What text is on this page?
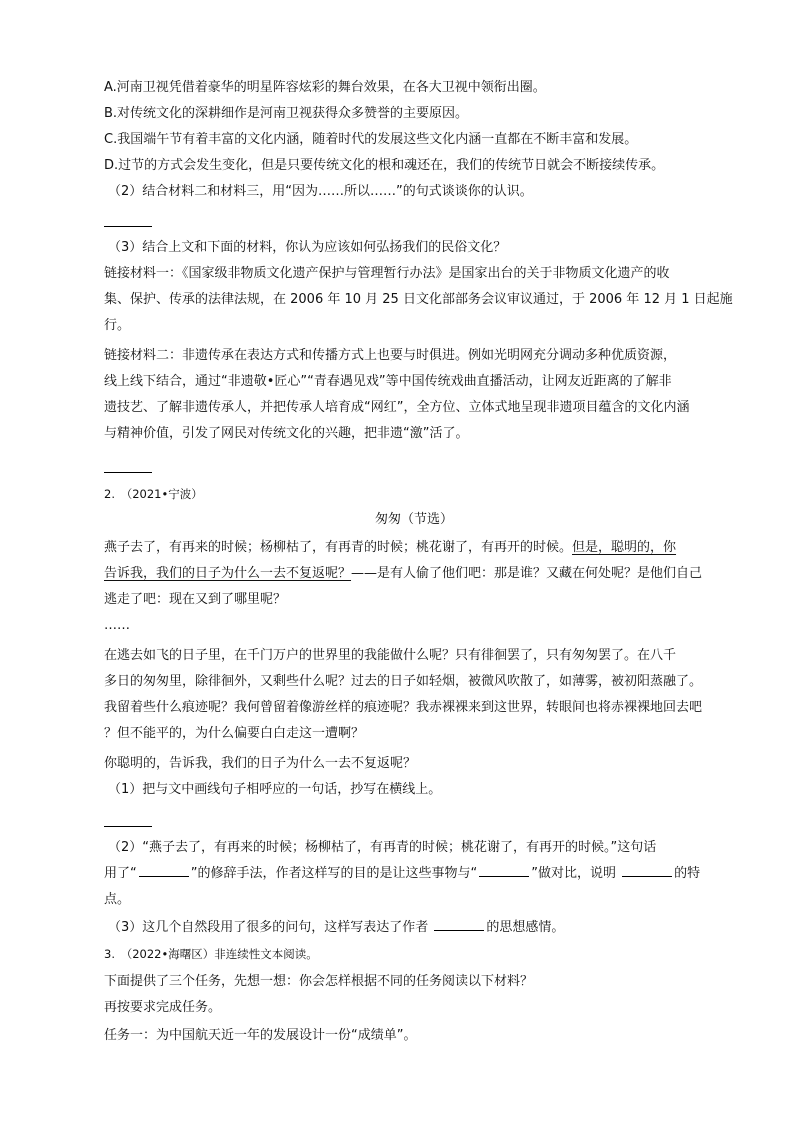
A.河南卫视凭借着豪华的明星阵容炫彩的舞台效果，在各大卫视中领衔出圈。
B.对传统文化的深耕细作是河南卫视获得众多赞誉的主要原因。
C.我国端午节有着丰富的文化内涵，随着时代的发展这些文化内涵一直都在不断丰富和发展。
D.过节的方式会发生变化，但是只要传统文化的根和魂还在，我们的传统节日就会不断接续传承。
（2）结合材料二和材料三，用“因为……所以……”的句式谈谈你的认识。
（3）结合上文和下面的材料，你认为应该如何弘扬我们的民俗文化？
链接材料一：《国家级非物质文化遗产保护与管理暂行办法》是国家出台的关于非物质文化遗产的收
集、保护、传承的法律法规，在 2006 年 10 月 25 日文化部部务会议审议通过，于 2006 年 12 月 1 日起施
行。
链接材料二：非遗传承在表达方式和传播方式上也要与时俱进。例如光明网充分调动多种优质资源，
线上线下结合，通过“非遗敬•匠心”“青春遇见戏”等中国传统戏曲直播活动，让网友近距离的了解非
遗技艺、了解非遗传承人，并把传承人培育成“网红”，全方位、立体式地呈现非遗项目蕴含的文化内涵
与精神价值，引发了网民对传统文化的兴趣，把非遗“激”活了。
2.　（2021•宁波）
匆匆（节选）
燕子去了，有再来的时候；杨柳枯了，有再青的时候；桃花谢了，有再开的时候。但是，聪明的，你
告诉我，我们的日子为什么一去不复返呢？——是有人偷了他们吧：那是谁？又藏在何处呢？是他们自己
逃走了吧：现在又到了哪里呢？
……
在逃去如飞的日子里，在千门万户的世界里的我能做什么呢？只有徘徊罢了，只有匆匆罢了。在八千
多日的匆匆里，除徘徊外，又剩些什么呢？过去的日子如轻烟，被微风吹散了，如薄雾，被初阳蒸融了。
我留着些什么痕迹呢？我何曾留着像游丝样的痕迹呢？我赤裸裸来到这世界，转眼间也将赤裸裸地回去吧
？但不能平的，为什么偏要白白走这一遭啊？
你聪明的，告诉我，我们的日子为什么一去不复返呢？
（1）把与文中画线句子相呼应的一句话，抄写在横线上。
（2）“燕子去了，有再来的时候；杨柳枯了，有再青的时候；桃花谢了，有再开的时候。”这句话
用了“	”的修辞手法，作者这样写的目的是让这些事物与“	”做对比，说明	的特
点。
（3）这几个自然段用了很多的问句，这样写表达了作者	的思想感情。
3.　（2022•海曙区）非连续性文本阅读。
下面提供了三个任务，先想一想：你会怎样根据不同的任务阅读以下材料？
再按要求完成任务。
任务一：为中国航天近一年的发展设计一份“成绩单”。
